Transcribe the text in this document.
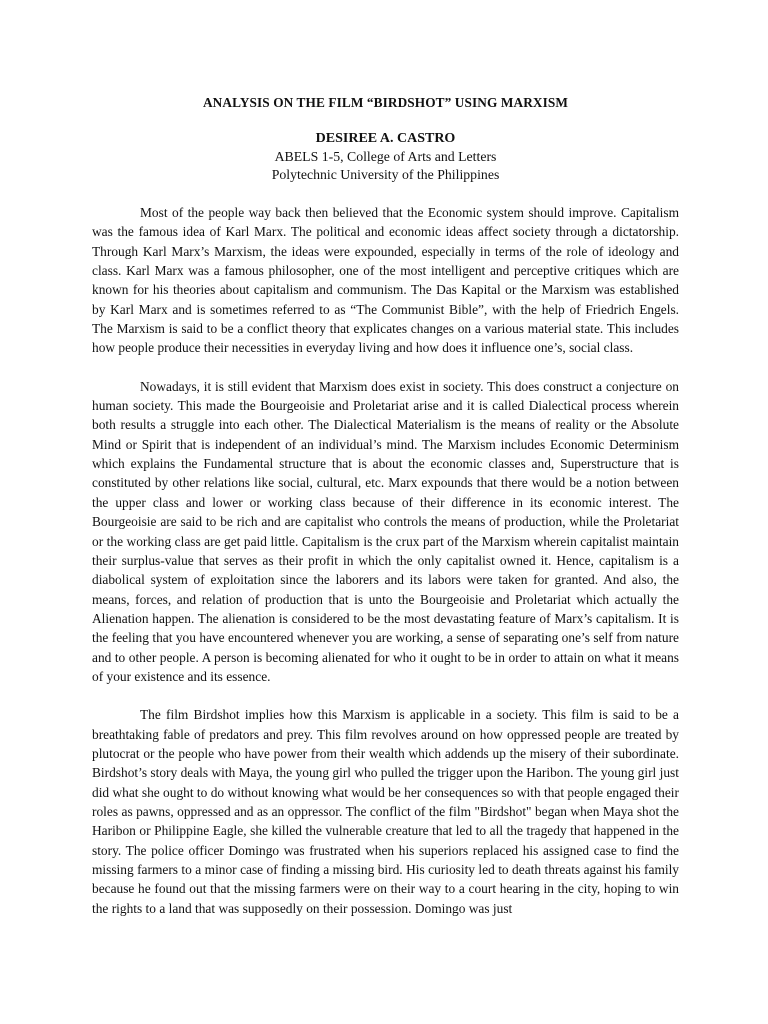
ANALYSIS ON THE FILM “BIRDSHOT” USING MARXISM
DESIREE A. CASTRO
ABELS 1-5, College of Arts and Letters
Polytechnic University of the Philippines

Most of the people way back then believed that the Economic system should improve. Capitalism was the famous idea of Karl Marx. The political and economic ideas affect society through a dictatorship. Through Karl Marx’s Marxism, the ideas were expounded, especially in terms of the role of ideology and class. Karl Marx was a famous philosopher, one of the most intelligent and perceptive critiques which are known for his theories about capitalism and communism. The Das Kapital or the Marxism was established by Karl Marx and is sometimes referred to as “The Communist Bible”, with the help of Friedrich Engels. The Marxism is said to be a conflict theory that explicates changes on a various material state. This includes how people produce their necessities in everyday living and how does it influence one’s, social class.

Nowadays, it is still evident that Marxism does exist in society. This does construct a conjecture on human society. This made the Bourgeoisie and Proletariat arise and it is called Dialectical process wherein both results a struggle into each other. The Dialectical Materialism is the means of reality or the Absolute Mind or Spirit that is independent of an individual’s mind. The Marxism includes Economic Determinism which explains the Fundamental structure that is about the economic classes and, Superstructure that is constituted by other relations like social, cultural, etc. Marx expounds that there would be a notion between the upper class and lower or working class because of their difference in its economic interest. The Bourgeoisie are said to be rich and are capitalist who controls the means of production, while the Proletariat or the working class are get paid little. Capitalism is the crux part of the Marxism wherein capitalist maintain their surplus-value that serves as their profit in which the only capitalist owned it. Hence, capitalism is a diabolical system of exploitation since the laborers and its labors were taken for granted. And also, the means, forces, and relation of production that is unto the Bourgeoisie and Proletariat which actually the Alienation happen. The alienation is considered to be the most devastating feature of Marx’s capitalism. It is the feeling that you have encountered whenever you are working, a sense of separating one’s self from nature and to other people. A person is becoming alienated for who it ought to be in order to attain on what it means of your existence and its essence.

The film Birdshot implies how this Marxism is applicable in a society. This film is said to be a breathtaking fable of predators and prey. This film revolves around on how oppressed people are treated by plutocrat or the people who have power from their wealth which addends up the misery of their subordinate. Birdshot’s story deals with Maya, the young girl who pulled the trigger upon the Haribon. The young girl just did what she ought to do without knowing what would be her consequences so with that people engaged their roles as pawns, oppressed and as an oppressor. The conflict of the film "Birdshot" began when Maya shot the Haribon or Philippine Eagle, she killed the vulnerable creature that led to all the tragedy that happened in the story. The police officer Domingo was frustrated when his superiors replaced his assigned case to find the missing farmers to a minor case of finding a missing bird. His curiosity led to death threats against his family because he found out that the missing farmers were on their way to a court hearing in the city, hoping to win the rights to a land that was supposedly on their possession. Domingo was just
